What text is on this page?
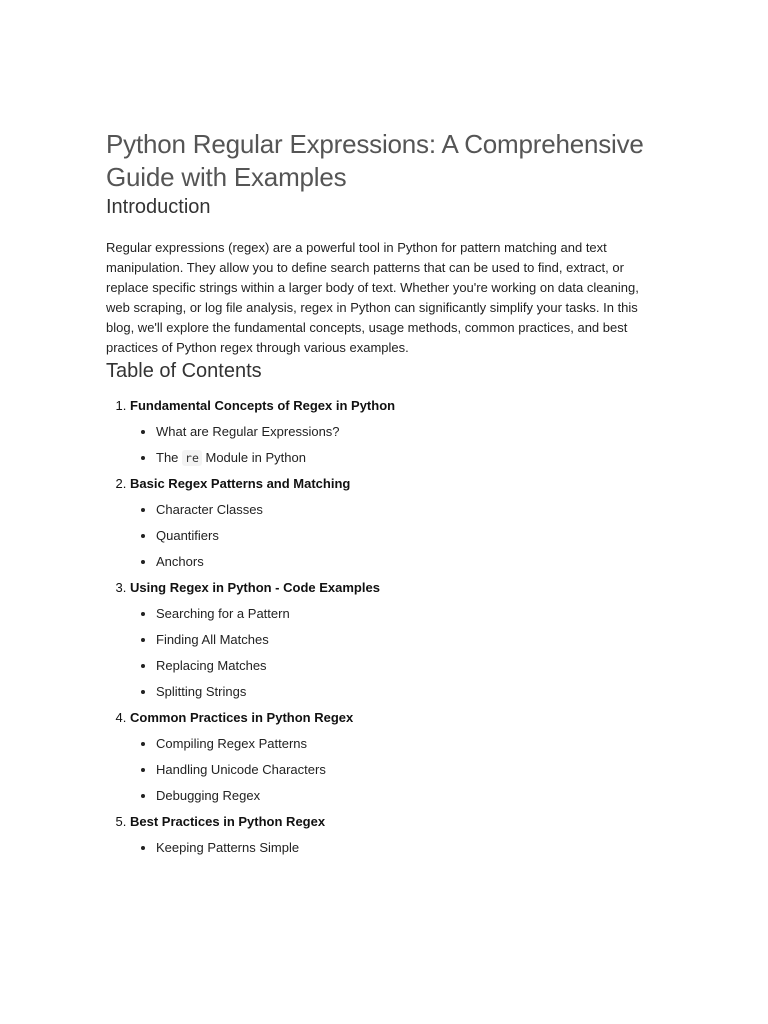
Python Regular Expressions: A Comprehensive Guide with Examples
Introduction

Regular expressions (regex) are a powerful tool in Python for pattern matching and text manipulation. They allow you to define search patterns that can be used to find, extract, or replace specific strings within a larger body of text. Whether you're working on data cleaning, web scraping, or log file analysis, regex in Python can significantly simplify your tasks. In this blog, we'll explore the fundamental concepts, usage methods, common practices, and best practices of Python regex through various examples.

Table of Contents
1. Fundamental Concepts of Regex in Python
• What are Regular Expressions?
• The re Module in Python
2. Basic Regex Patterns and Matching
• Character Classes
• Quantifiers
• Anchors
3. Using Regex in Python - Code Examples
• Searching for a Pattern
• Finding All Matches
• Replacing Matches
• Splitting Strings
4. Common Practices in Python Regex
• Compiling Regex Patterns
• Handling Unicode Characters
• Debugging Regex
5. Best Practices in Python Regex
• Keeping Patterns Simple
